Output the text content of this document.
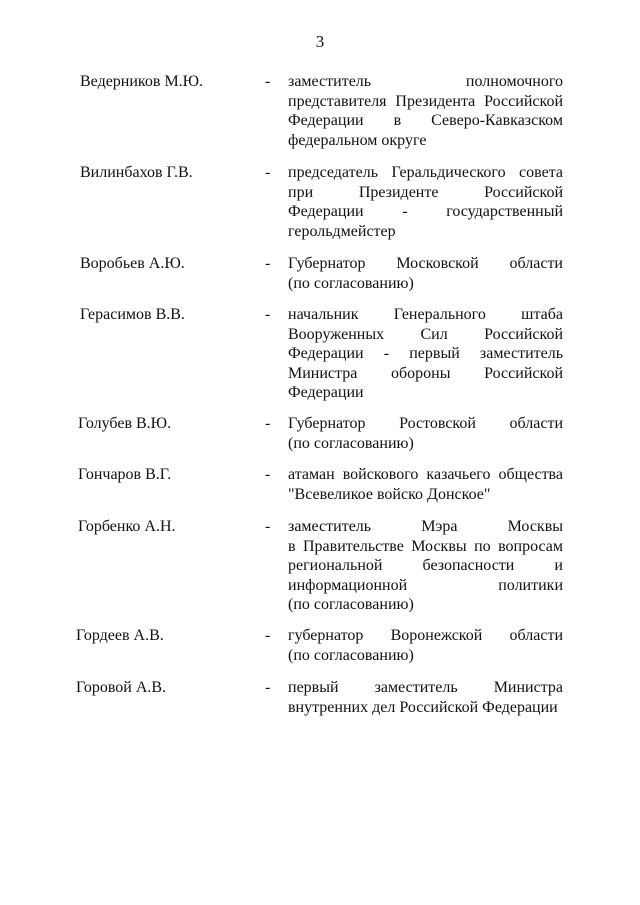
3
Ведерников М.Ю.	- заместитель полномочного
представителя Президента Российской
Федерации в Северо-Кавказском
федеральном округе
Вилинбахов Г.В.	- председатель Геральдического совета
при Президенте Российской
Федерации - государственный
герольдмейстер
Воробьев А.Ю.	- Губернатор Московской области
(по согласованию)
Герасимов В.В.	- начальник Генерального штаба
Вооруженных Сил Российской
Федерации - первый заместитель
Министра обороны Российской
Федерации
Голубев В.Ю.	- Губернатор Ростовской области
(по согласованию)
Гончаров В.Г.	- атаман войскового казачьего общества
"Всевеликое войско Донское"
Горбенко А.Н.	- заместитель Мэра Москвы
в Правительстве Москвы по вопросам
региональной безопасности и
информационной политики
(по согласованию)
Гордеев А.В.	- губернатор Воронежской области
(по согласованию)
Горовой А.В.	- первый заместитель Министра
внутренних дел Российской Федерации
